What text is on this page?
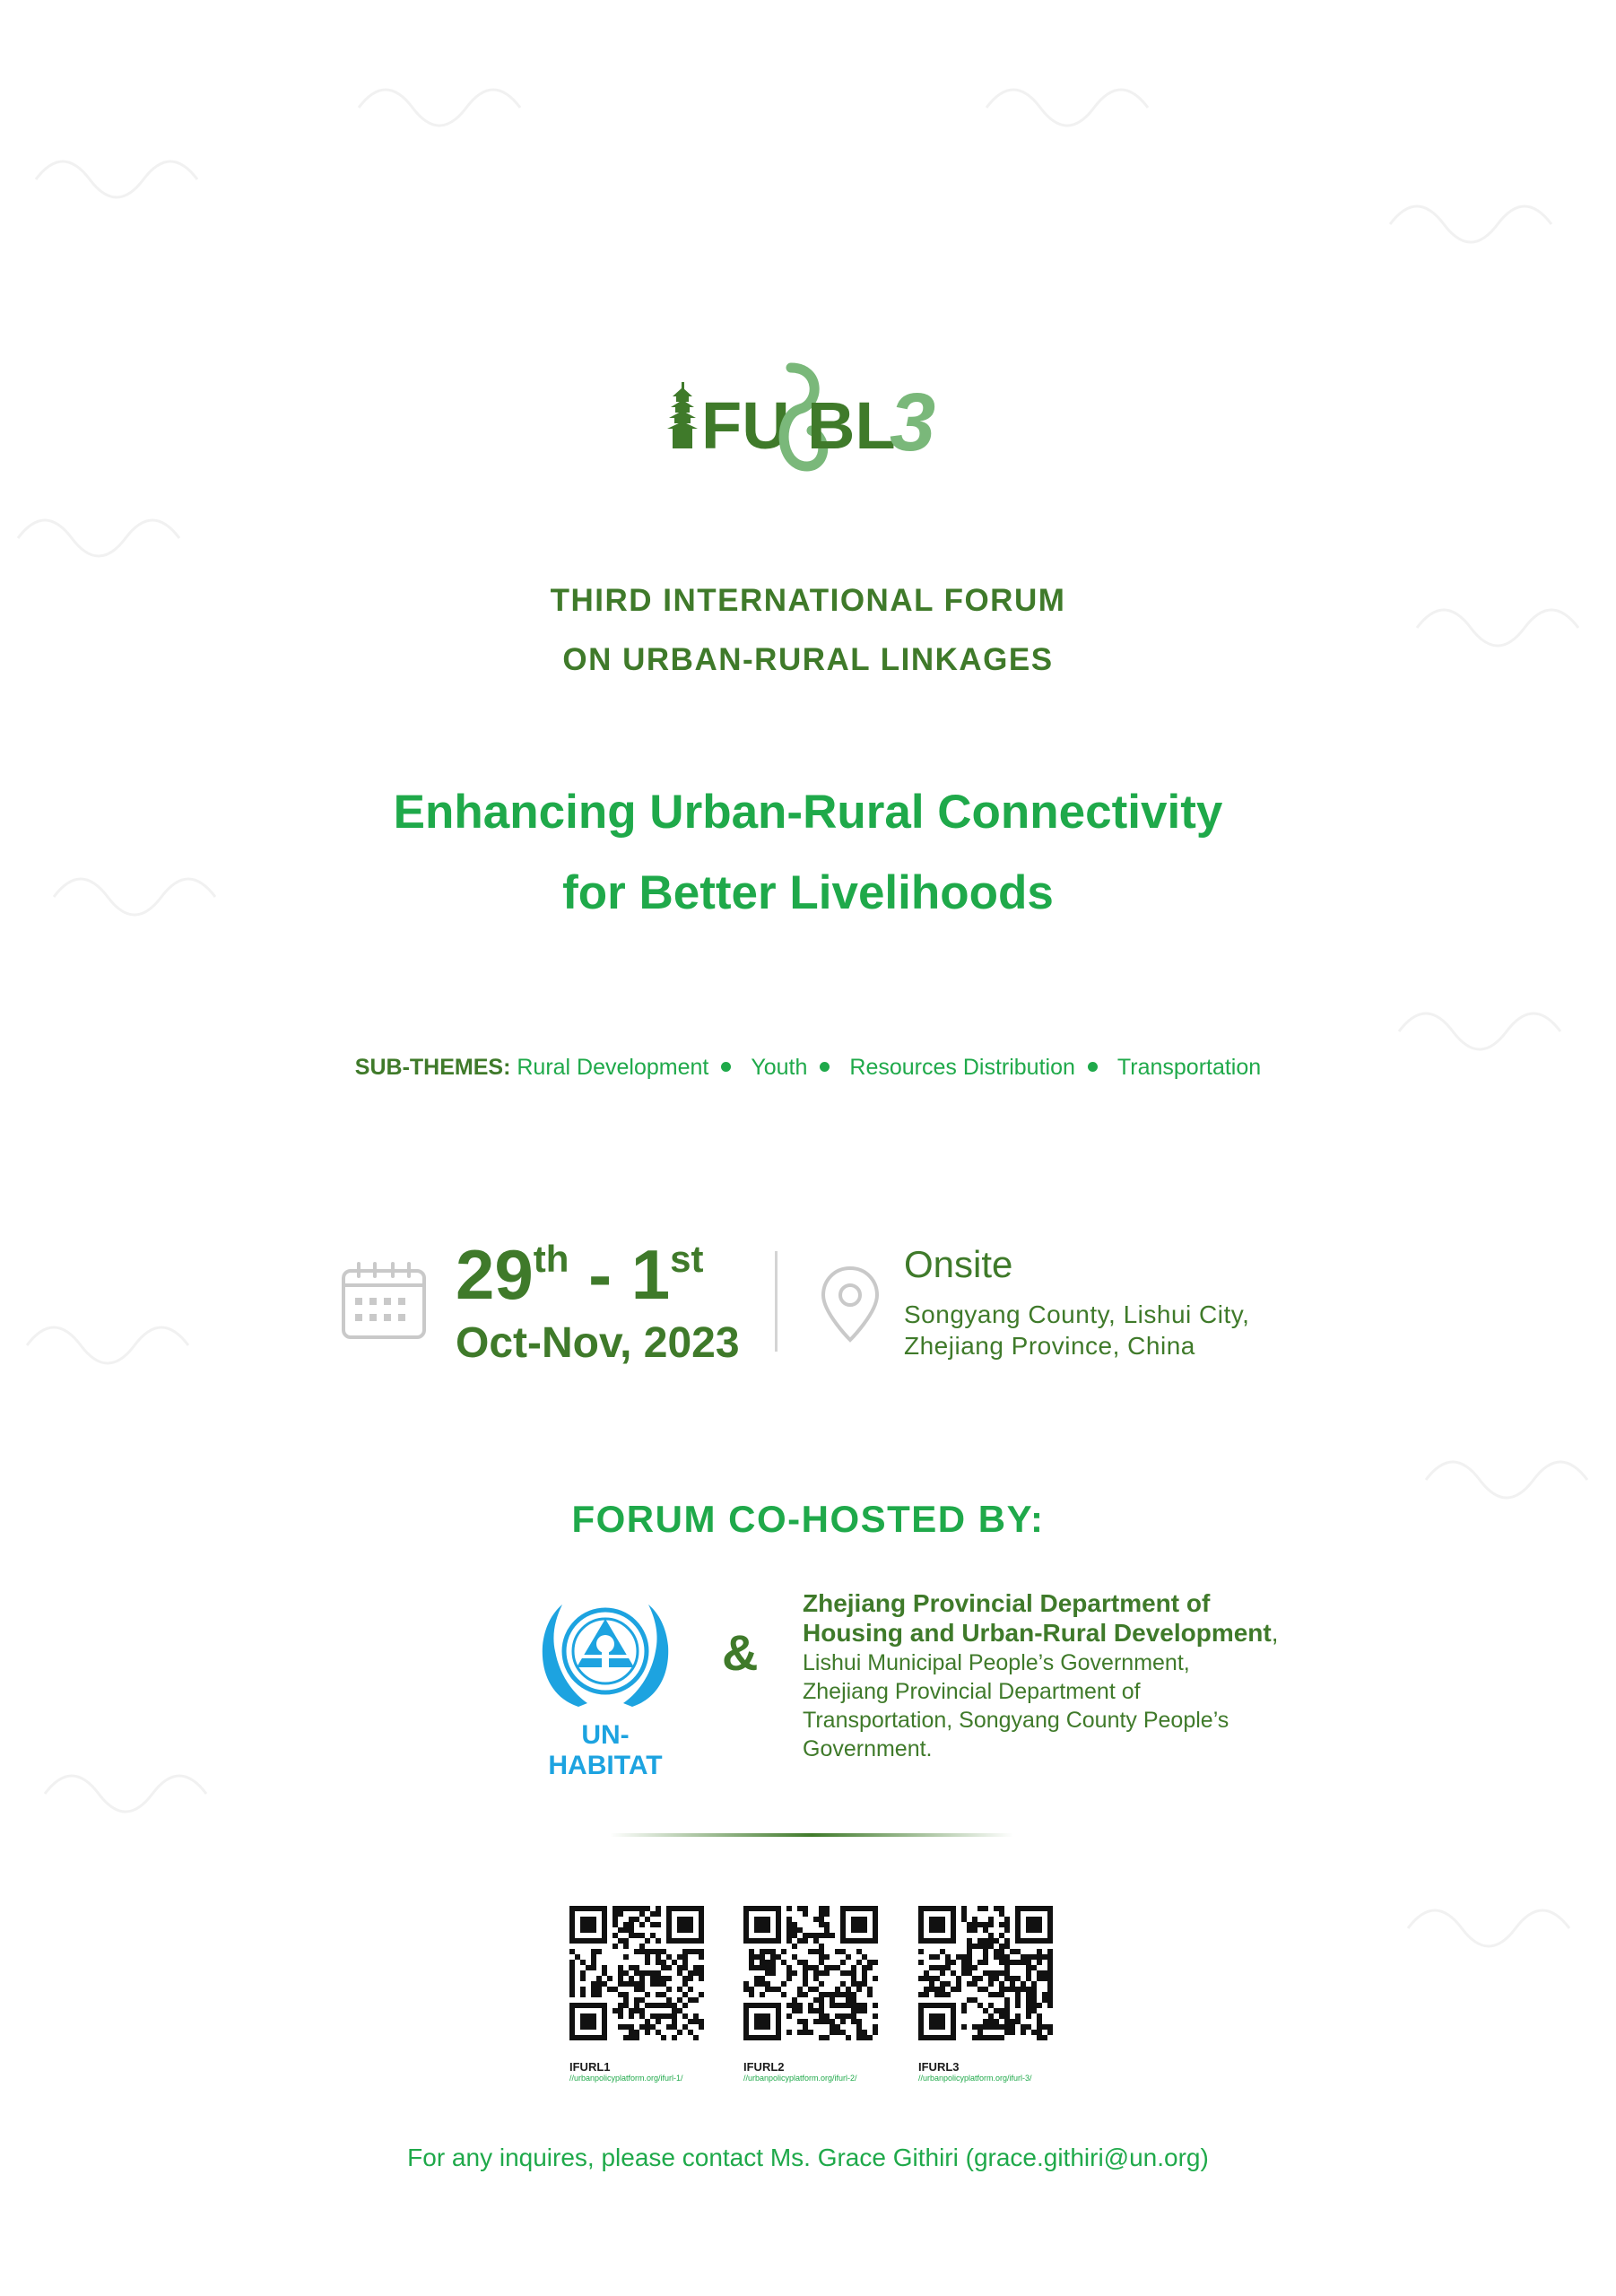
FU BL
3
THIRD INTERNATIONAL FORUM
ON URBAN-RURAL LINKAGES
Enhancing Urban-Rural Connectivity
for Better Livelihoods
SUB-THEMES: Rural Development Youth Resources Distribution Transportation
29th - 1st
Oct-Nov, 2023
Onsite
Songyang County, Lishui City,
Zhejiang Province, China
FORUM CO-HOSTED BY:
UN-HABITAT
&
Zhejiang Provincial Department of
Housing and Urban-Rural Development,
Lishui Municipal People’s Government,
Zhejiang Provincial Department of
Transportation, Songyang County People’s
Government.
IFURL1
//urbanpolicyplatform.org/ifurl-1/
IFURL2
//urbanpolicyplatform.org/ifurl-2/
IFURL3
//urbanpolicyplatform.org/ifurl-3/
For any inquires, please contact Ms. Grace Githiri (grace.githiri@un.org)
